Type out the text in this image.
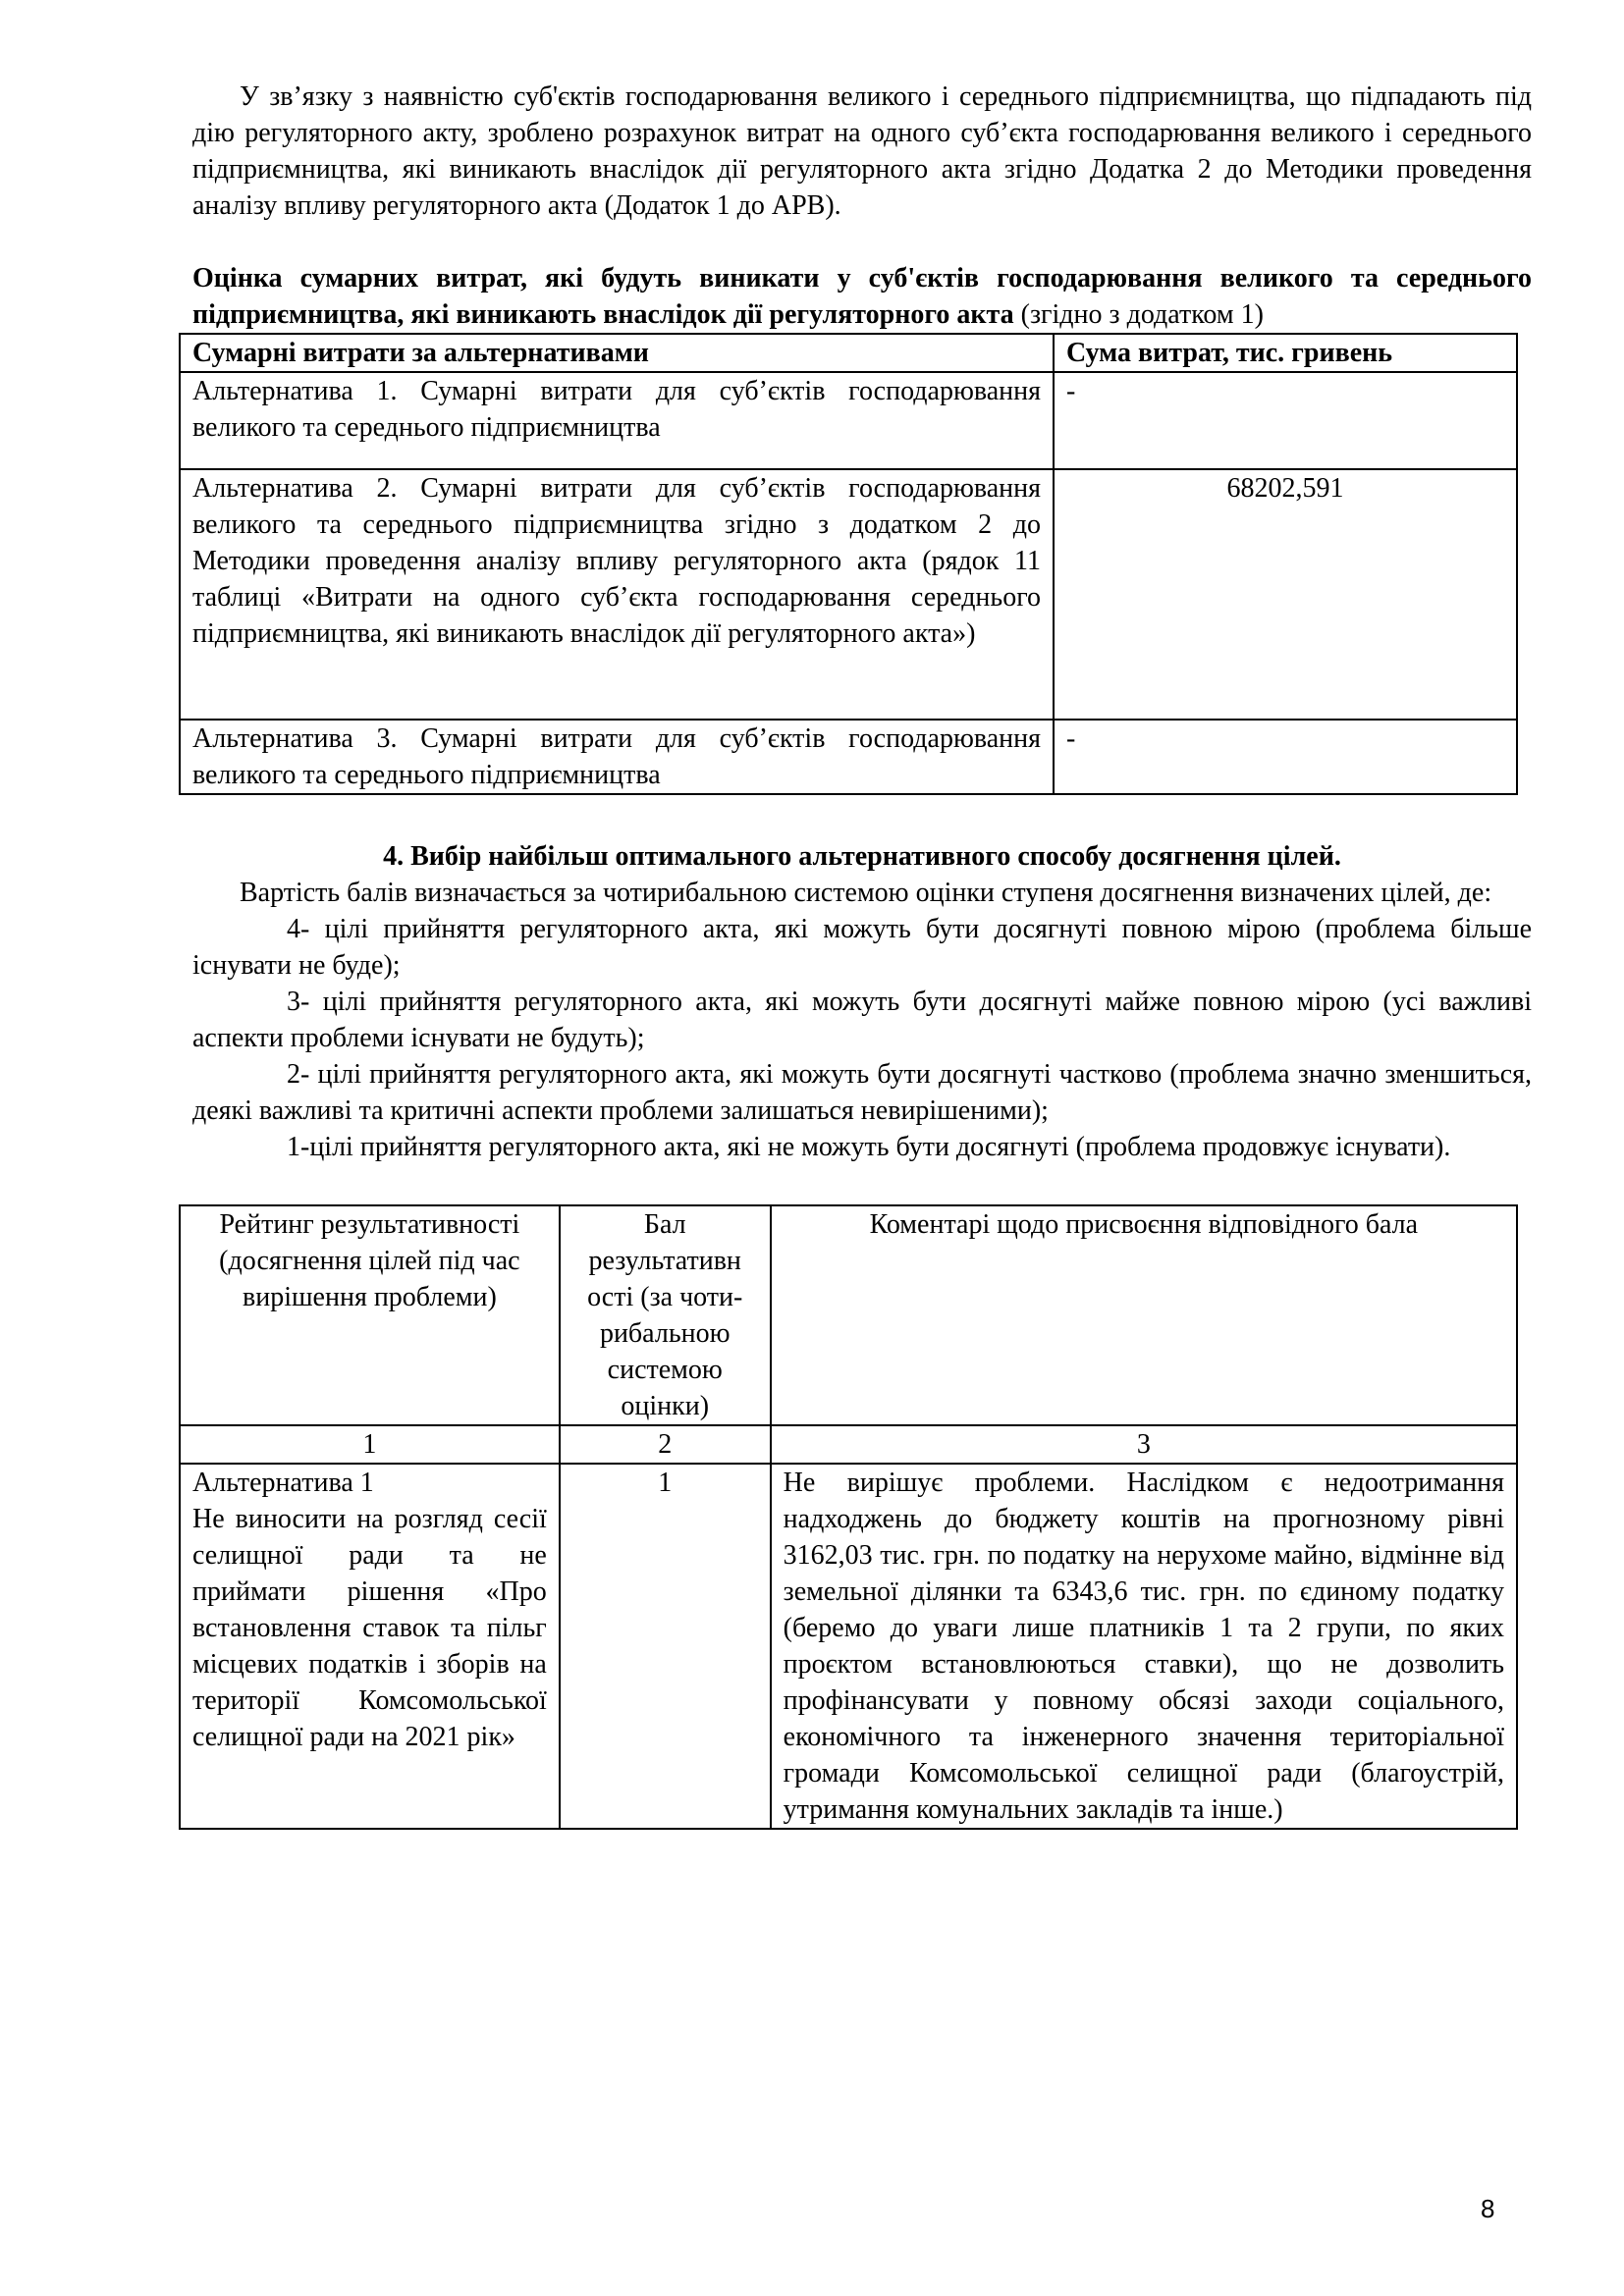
У зв’язку з наявністю суб'єктів господарювання великого і середнього підприємництва, що підпадають під дію регуляторного акту, зроблено розрахунок витрат на одного суб’єкта господарювання великого і середнього підприємництва, які виникають внаслідок дії регуляторного акта згідно Додатка 2 до Методики проведення аналізу впливу регуляторного акта (Додаток 1 до АРВ).

Оцінка сумарних витрат, які будуть виникати у суб'єктів господарювання великого та середнього підприємництва, які виникають внаслідок дії регуляторного акта (згідно з додатком 1)

Сумарні витрати за альтернативами	Сума витрат, тис. гривень
Альтернатива 1. Сумарні витрати для суб’єктів господарювання великого та середнього підприємництва	-
Альтернатива 2. Сумарні витрати для суб’єктів господарювання великого та середнього підприємництва згідно з додатком 2 до Методики проведення аналізу впливу регуляторного акта (рядок 11 таблиці «Витрати на одного суб’єкта господарювання середнього підприємництва, які виникають внаслідок дії регуляторного акта»)	68202,591
Альтернатива 3. Сумарні витрати для суб’єктів господарювання великого та середнього підприємництва	-

4. Вибір найбільш оптимального альтернативного способу досягнення цілей.

Вартість балів визначається за чотирибальною системою оцінки ступеня досягнення визначених цілей, де:

4- цілі прийняття регуляторного акта, які можуть бути досягнуті повною мірою (проблема більше існувати не буде);

3- цілі прийняття регуляторного акта, які можуть бути досягнуті майже повною мірою (усі важливі аспекти проблеми існувати не будуть);

2- цілі прийняття регуляторного акта, які можуть бути досягнуті частково (проблема значно зменшиться, деякі важливі та критичні аспекти проблеми залишаться невирішеними);

1-цілі прийняття регуляторного акта, які не можуть бути досягнуті (проблема продовжує існувати).

Рейтинг результативності (досягнення цілей під час вирішення проблеми)	Бал результативн ості (за чоти-рибальною системою оцінки)	Коментарі щодо присвоєння відповідного бала
1	2	3

Альтернатива 1
Не виносити на розгляд сесії селищної ради та не приймати рішення «Про встановлення ставок та пільг місцевих податків і зборів на території Комсомольської селищної ради на 2021 рік»	1	Не вирішує проблеми. Наслідком є недоотримання надходжень до бюджету коштів на прогнозному рівні 3162,03 тис. грн. по податку на нерухоме майно, відмінне від земельної ділянки та 6343,6 тис. грн. по єдиному податку (беремо до уваги лише платників 1 та 2 групи, по яких проєктом встановлюються ставки), що не дозволить профінансувати у повному обсязі заходи соціального, економічного та інженерного значення територіальної громади Комсомольської селищної ради (благоустрій, утримання комунальних закладів та інше.)
8
